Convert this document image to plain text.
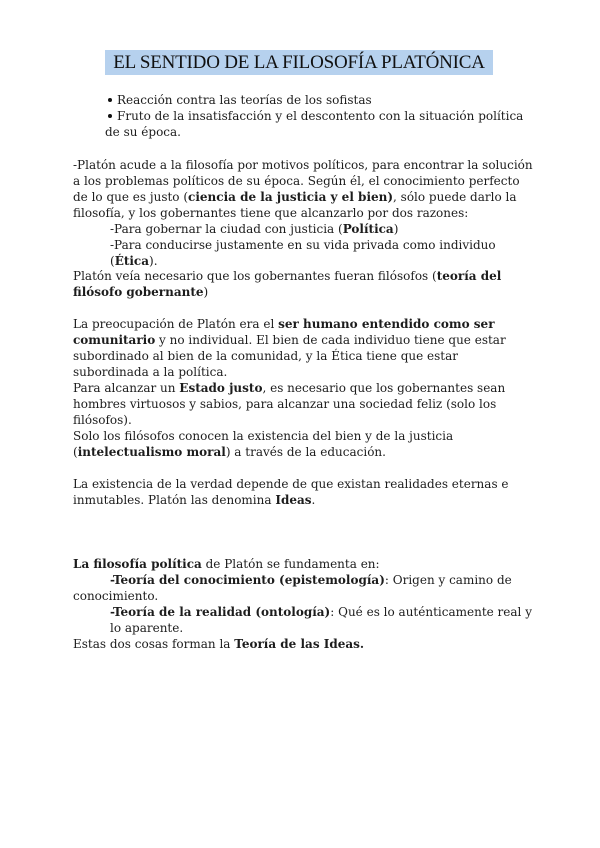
EL SENTIDO DE LA FILOSOFÍA PLATÓNICA
Reacción contra las teorías de los sofistas
Fruto de la insatisfacción y el descontento con la situación política de su época.
-Platón acude a la filosofía por motivos políticos, para encontrar la solución a los problemas políticos de su época. Según él, el conocimiento perfecto de lo que es justo (ciencia de la justicia y el bien), sólo puede darlo la filosofía, y los gobernantes tiene que alcanzarlo por dos razones:
-Para gobernar la ciudad con justicia (Política)
-Para conducirse justamente en su vida privada como individuo (Ética).
Platón veía necesario que los gobernantes fueran filósofos (teoría del filósofo gobernante)
La preocupación de Platón era el ser humano entendido como ser comunitario y no individual. El bien de cada individuo tiene que estar subordinado al bien de la comunidad, y la Ética tiene que estar subordinada a la política.
Para alcanzar un Estado justo, es necesario que los gobernantes sean hombres virtuosos y sabios, para alcanzar una sociedad feliz (solo los filósofos).
Solo los filósofos conocen la existencia del bien y de la justicia (intelectualismo moral) a través de la educación.
La existencia de la verdad depende de que existan realidades eternas e inmutables. Platón las denomina Ideas.
La filosofía política de Platón se fundamenta en:
-Teoría del conocimiento (epistemología): Origen y camino de conocimiento.
-Teoría de la realidad (ontología): Qué es lo auténticamente real y lo aparente.
Estas dos cosas forman la Teoría de las Ideas.
